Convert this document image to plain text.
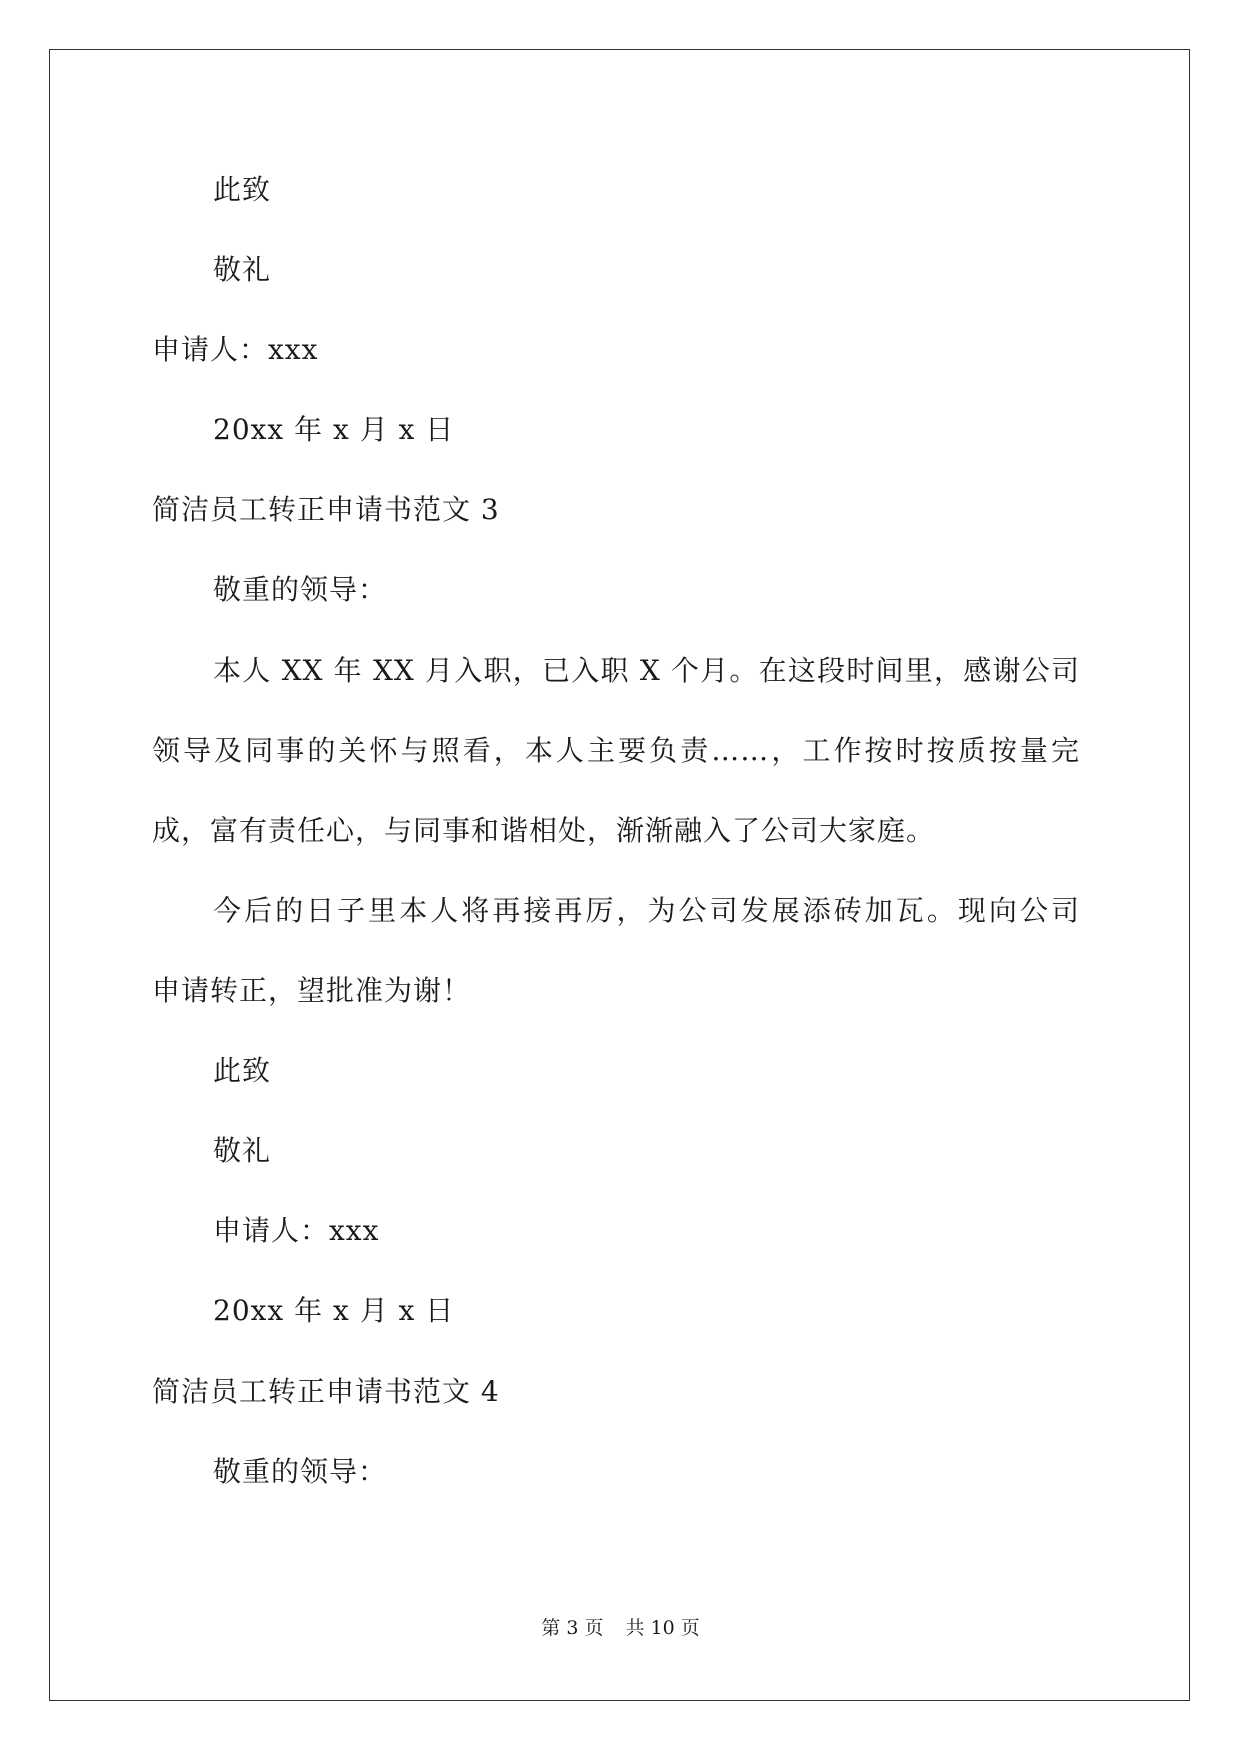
此致
敬礼
申请人：xxx
20xx 年 x 月 x 日
简洁员工转正申请书范文 3
敬重的领导：
本人 XX 年 XX 月入职，已入职 X 个月。在这段时间里，感谢公司
领导及同事的关怀与照看，本人主要负责……，工作按时按质按量完
成，富有责任心，与同事和谐相处，渐渐融入了公司大家庭。
今后的日子里本人将再接再厉，为公司发展添砖加瓦。现向公司
申请转正，望批准为谢！
此致
敬礼
申请人：xxx
20xx 年 x 月 x 日
简洁员工转正申请书范文 4
敬重的领导：
第 3 页 共 10 页
